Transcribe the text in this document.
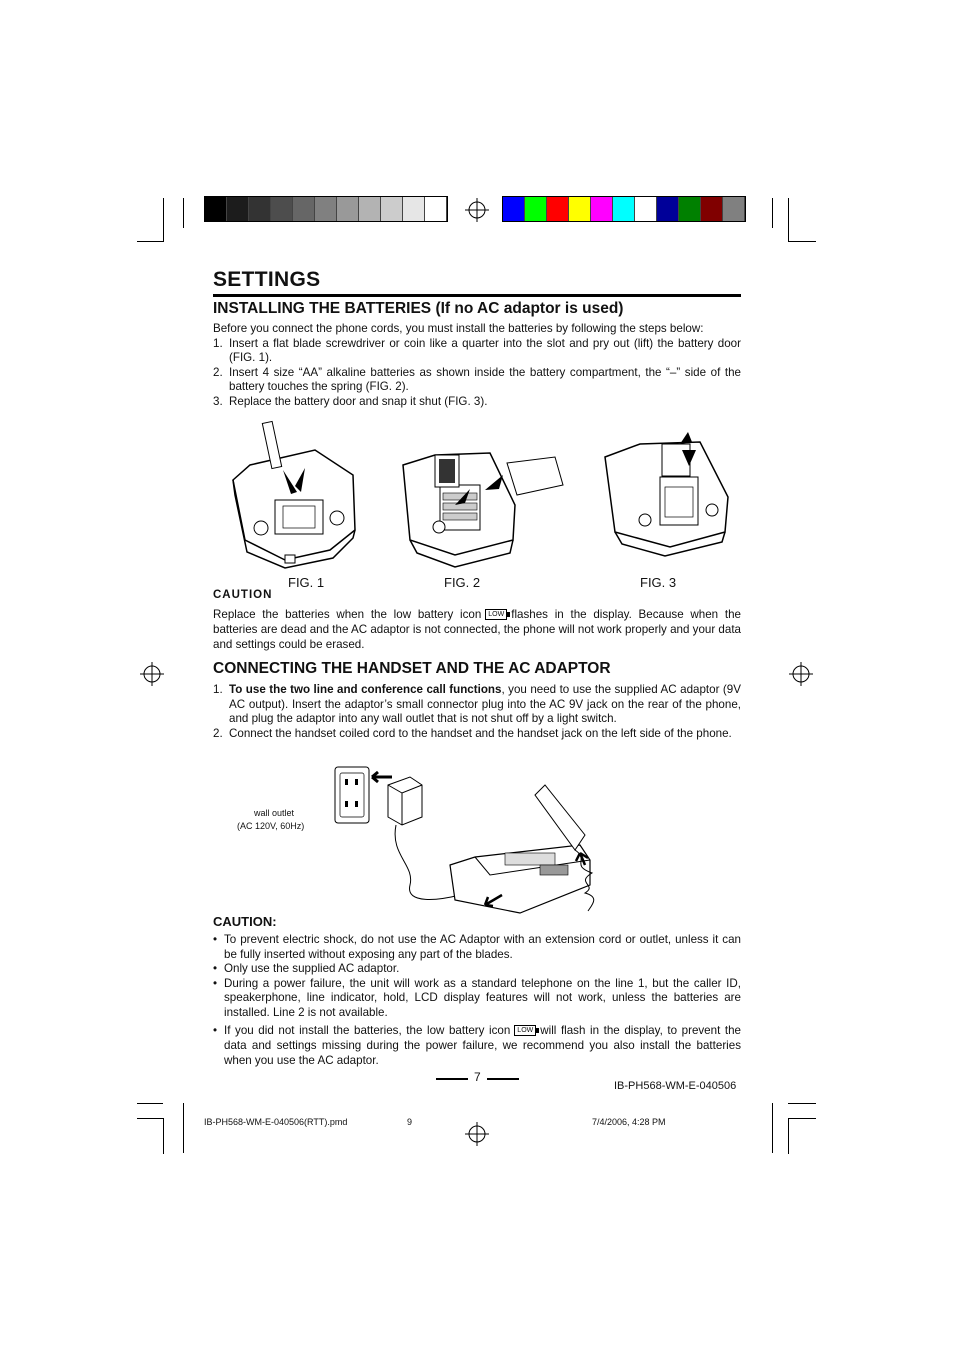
SETTINGS
INSTALLING THE BATTERIES (If no AC adaptor is used)
Before you connect the phone cords, you must install the batteries by following the steps below:
1. Insert a flat blade screwdriver or coin like a quarter into the slot and pry out (lift) the battery door (FIG. 1).
2. Insert 4 size “AA” alkaline batteries as shown inside the battery compartment, the “–” side of the battery touches the spring (FIG. 2).
3. Replace the battery door and snap it shut (FIG. 3).
FIG. 1	FIG. 2	FIG. 3
CAUTION
Replace the batteries when the low battery icon LOW flashes in the display. Because when the batteries are dead and the AC adaptor is not connected, the phone will not work properly and your data and settings could be erased.
CONNECTING THE HANDSET AND THE AC ADAPTOR
1. To use the two line and conference call functions, you need to use the supplied AC adaptor (9V AC output). Insert the adaptor’s small connector plug into the AC 9V jack on the rear of the phone, and plug the adaptor into any wall outlet that is not shut off by a light switch.
2. Connect the handset coiled cord to the handset and the handset jack on the left side of the phone.
wall outlet
(AC 120V, 60Hz)
CAUTION:
• To prevent electric shock, do not use the AC Adaptor with an extension cord or outlet, unless it can be fully inserted without exposing any part of the blades.
• Only use the supplied AC adaptor.
• During a power failure, the unit will work as a standard telephone on the line 1, but the caller ID, speakerphone, line indicator, hold, LCD display features will not work, unless the batteries are installed. Line 2 is not available.
• If you did not install the batteries, the low battery icon LOW will flash in the display, to prevent the data and settings missing during the power failure, we recommend you also install the batteries when you use the AC adaptor.
7
IB-PH568-WM-E-040506
IB-PH568-WM-E-040506(RTT).pmd	9	7/4/2006, 4:28 PM
